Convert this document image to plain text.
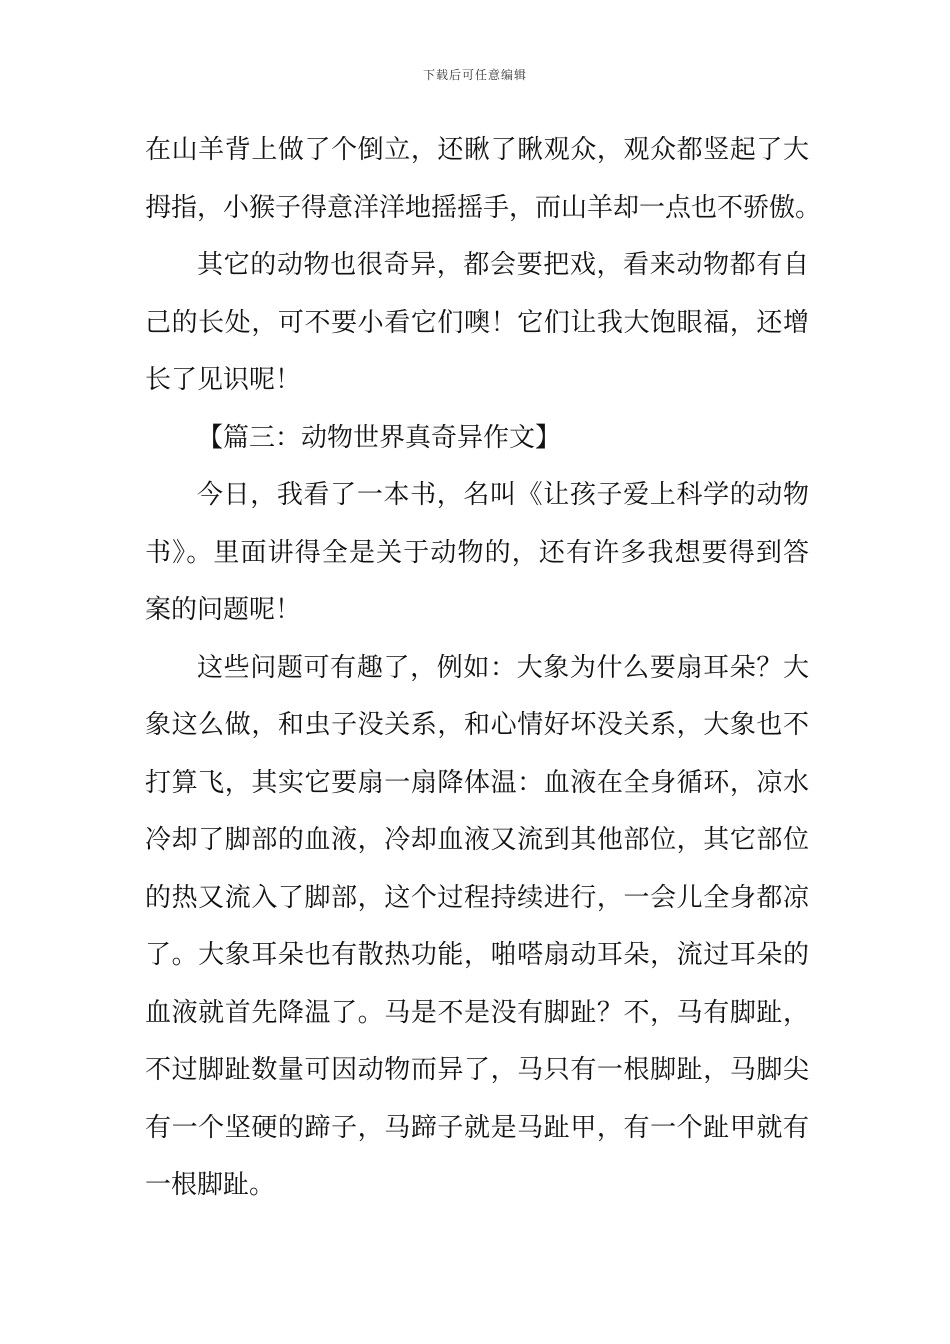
下载后可任意编辑

在山羊背上做了个倒立，还瞅了瞅观众，观众都竖起了大

拇指，小猴子得意洋洋地摇摇手，而山羊却一点也不骄傲。

其它的动物也很奇异，都会要把戏，看来动物都有自

己的长处，可不要小看它们噢！它们让我大饱眼福，还增

长了见识呢！

【篇三：动物世界真奇异作文】

今日，我看了一本书，名叫《让孩子爱上科学的动物

书》。里面讲得全是关于动物的，还有许多我想要得到答

案的问题呢！

这些问题可有趣了，例如：大象为什么要扇耳朵？大

象这么做，和虫子没关系，和心情好坏没关系，大象也不

打算飞，其实它要扇一扇降体温：血液在全身循环，凉水

冷却了脚部的血液，冷却血液又流到其他部位，其它部位

的热又流入了脚部，这个过程持续进行，一会儿全身都凉

了。大象耳朵也有散热功能，啪嗒扇动耳朵，流过耳朵的

血液就首先降温了。马是不是没有脚趾？不，马有脚趾，

不过脚趾数量可因动物而异了，马只有一根脚趾，马脚尖

有一个坚硬的蹄子，马蹄子就是马趾甲，有一个趾甲就有

一根脚趾。
